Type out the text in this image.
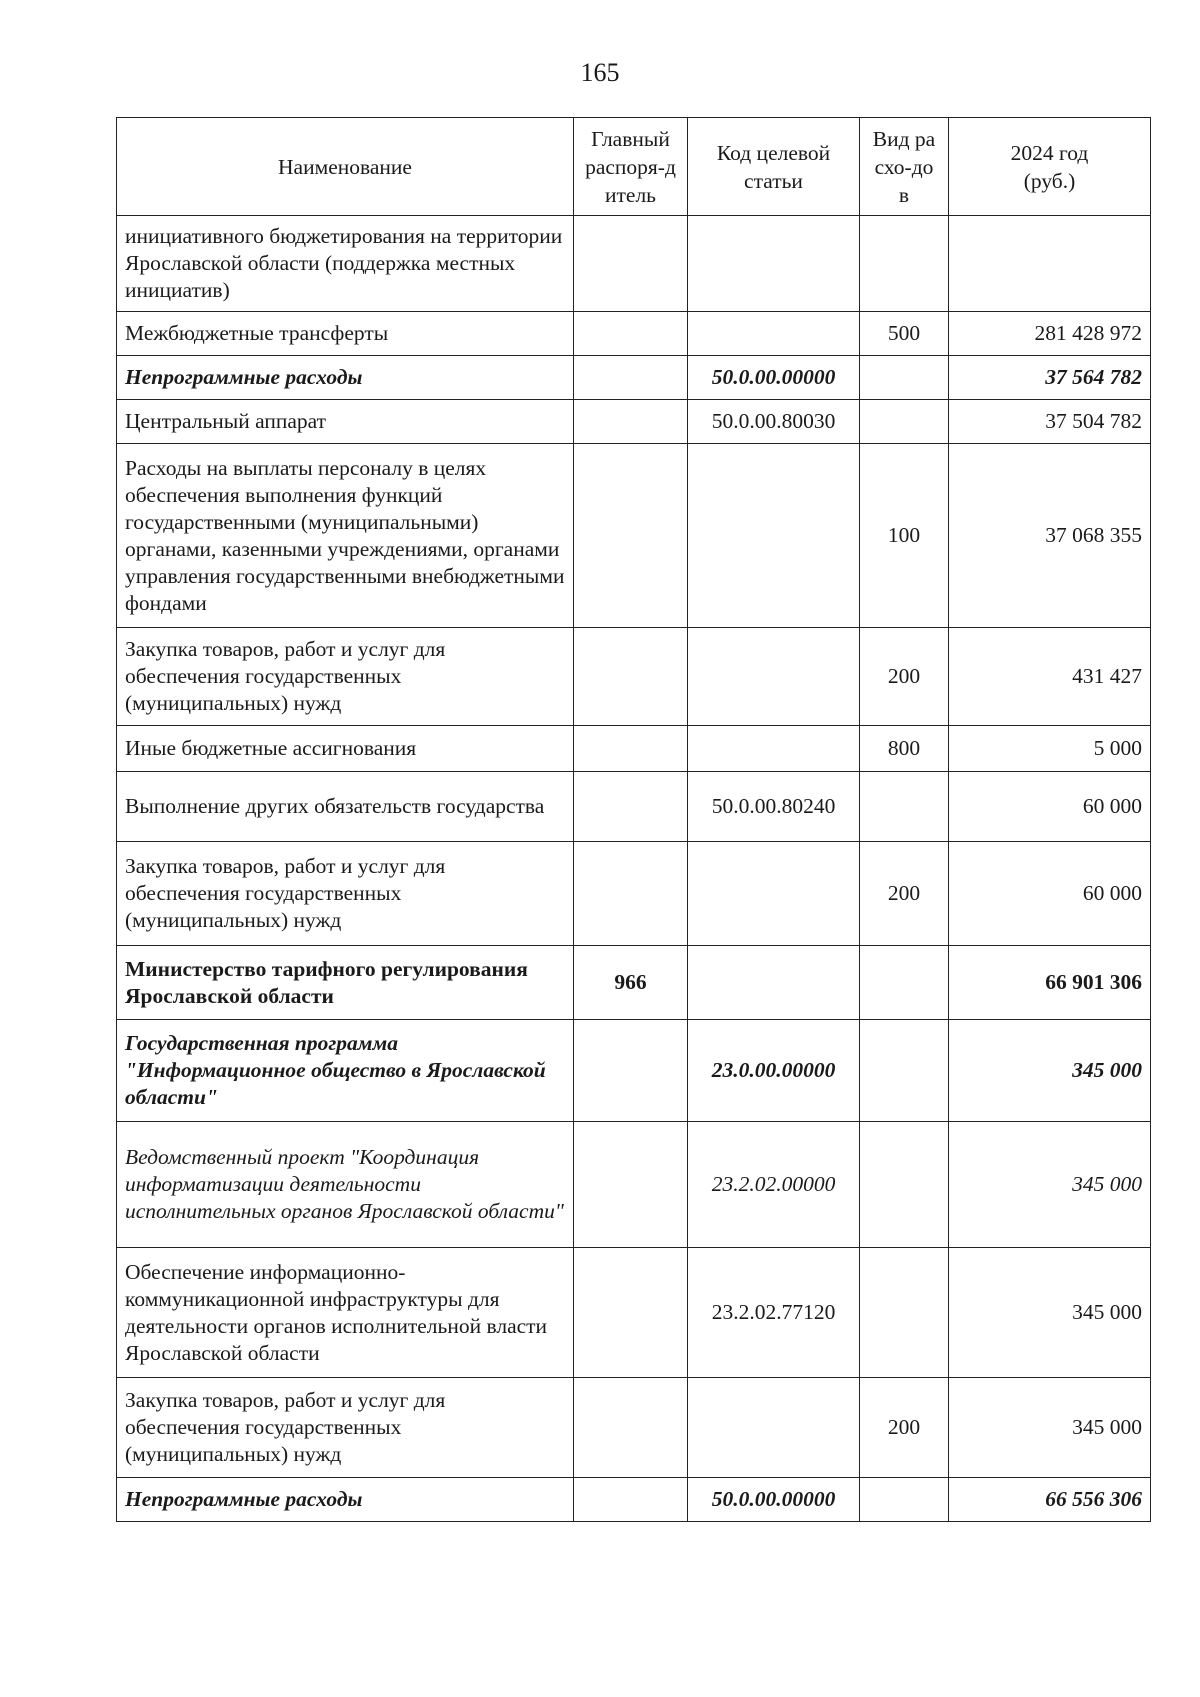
165
Наименование	Главный распоря-дитель	Код целевой статьи	Вид расхо-дов	2024 год (руб.)

инициативного бюджетирования на территории Ярославской области (поддержка местных инициатив)				
Межбюджетные трансферты			500	281 428 972
Непрограммные расходы		50.0.00.00000		37 564 782
Центральный аппарат		50.0.00.80030		37 504 782
Расходы на выплаты персоналу в целях обеспечения выполнения функций государственными (муниципальными) органами, казенными учреждениями, органами управления государственными внебюджетными фондами			100	37 068 355
Закупка товаров, работ и услуг для обеспечения государственных (муниципальных) нужд			200	431 427
Иные бюджетные ассигнования			800	5 000
Выполнение других обязательств государства		50.0.00.80240		60 000
Закупка товаров, работ и услуг для обеспечения государственных (муниципальных) нужд			200	60 000
Министерство тарифного регулирования Ярославской области	966			66 901 306
Государственная программа "Информационное общество в Ярославской области"		23.0.00.00000		345 000
Ведомственный проект "Координация информатизации деятельности исполнительных органов Ярославской области"		23.2.02.00000		345 000
Обеспечение информационно-коммуникационной инфраструктуры для деятельности органов исполнительной власти Ярославской области		23.2.02.77120		345 000
Закупка товаров, работ и услуг для обеспечения государственных (муниципальных) нужд			200	345 000
Непрограммные расходы		50.0.00.00000		66 556 306
